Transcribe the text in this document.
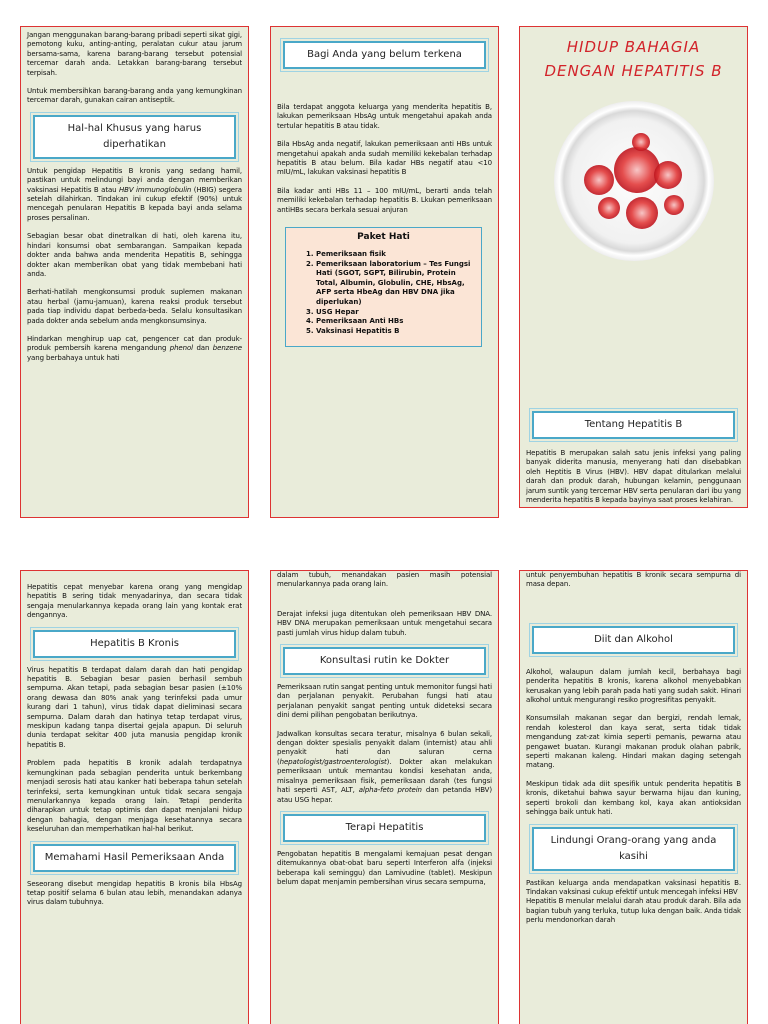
Jangan menggunakan barang-barang pribadi seperti sikat gigi, pemotong kuku, anting-anting, peralatan cukur atau jarum bersama-sama, karena barang-barang tersebut potensial tercemar darah anda. Letakkan barang-barang tersebut terpisah.

Untuk membersihkan barang-barang anda yang kemungkinan tercemar darah, gunakan cairan antiseptik.

Hal-hal Khusus yang harus diperhatikan

Untuk pengidap Hepatitis B kronis yang sedang hamil, pastikan untuk melindungi bayi anda dengan memberikan vaksinasi Hepatitis B atau HBV immunoglobulin (HBIG) segera setelah dilahirkan. Tindakan ini cukup efektif (90%) untuk mencegah penularan Hepatitis B kepada bayi anda selama proses persalinan.

Sebagian besar obat dinetralkan di hati, oleh karena itu, hindari konsumsi obat sembarangan. Sampaikan kepada dokter anda bahwa anda menderita Hepatitis B, sehingga dokter akan memberikan obat yang tidak membebani hati anda.

Berhati-hatilah mengkonsumsi produk suplemen makanan atau herbal (jamu-jamuan), karena reaksi produk tersebut pada tiap individu dapat berbeda-beda. Selalu konsultasikan pada dokter anda sebelum anda mengkonsumsinya.

Hindarkan menghirup uap cat, pengencer cat dan produk-produk pembersih karena mengandung phenol dan benzene yang berbahaya untuk hati

Bagi Anda yang belum terkena

Bila terdapat anggota keluarga yang menderita hepatitis B, lakukan pemeriksaan HbsAg untuk mengetahui apakah anda tertular hepatitis B atau tidak.

Bila HbsAg anda negatif, lakukan pemeriksaan anti HBs untuk mengetahui apakah anda sudah memiliki kekebalan terhadap hepatitis B atau belum. Bila kadar HBs negatif atau <10 mIU/mL, lakukan vaksinasi hepatitis B

Bila kadar anti HBs 11 – 100 mIU/mL, berarti anda telah memiliki kekebalan terhadap hepatitis B. Lkukan pemeriksaan antiHBs secara berkala sesuai anjuran

Paket Hati
1. Pemeriksaan fisik
2. Pemeriksaan laboratorium – Tes Fungsi Hati (SGOT, SGPT, Bilirubin, Protein Total, Albumin, Globulin, CHE, HbsAg, AFP serta HbeAg dan HBV DNA jika diperlukan)
3. USG Hepar
4. Pemeriksaan Anti HBs
5. Vaksinasi Hepatitis B
HIDUP BAHAGIA
DENGAN HEPATITIS B
Tentang Hepatitis B

Hepatitis B merupakan salah satu jenis infeksi yang paling banyak diderita manusia, menyerang hati dan disebabkan oleh Heptitis B Virus (HBV). HBV dapat ditularkan melalui darah dan produk darah, hubungan kelamin, penggunaan jarum suntik yang tercemar HBV serta penularan dari ibu yang menderita hepatitis B kepada bayinya saat proses kelahiran.

Hepatitis cepat menyebar karena orang yang mengidap hepatitis B sering tidak menyadarinya, dan secara tidak sengaja menularkannya kepada orang lain yang kontak erat dengannya.

Hepatitis B Kronis

Virus hepatitis B terdapat dalam darah dan hati pengidap hepatitis B. Sebagian besar pasien berhasil sembuh sempurna. Akan tetapi, pada sebagian besar pasien (±10% orang dewasa dan 80% anak yang terinfeksi pada umur kurang dari 1 tahun), virus tidak dapat dieliminasi secara sempurna. Dalam darah dan hatinya tetap terdapat virus, meskipun kadang tanpa disertai gejala apapun. Di seluruh dunia terdapat sekitar 400 juta manusia pengidap kronik hepatitis B.

Problem pada hepatitis B kronik adalah terdapatnya kemungkinan pada sebagian penderita untuk berkembang menjadi serosis hati atau kanker hati beberapa tahun setelah terinfeksi, serta kemungkinan untuk tidak secara sengaja menularkannya kepada orang lain. Tetapi penderita diharapkan untuk tetap optimis dan dapat menjalani hidup dengan bahagia, dengan menjaga kesehatannya secara keseluruhan dan memperhatikan hal-hal berikut.

Memahami Hasil Pemeriksaan Anda

Seseorang disebut mengidap hepatitis B kronis bila HbsAg tetap positif selama 6 bulan atau lebih, menandakan adanya virus dalam tubuhnya.

dalam tubuh, menandakan pasien masih potensial menularkannya pada orang lain.

Derajat infeksi juga ditentukan oleh pemeriksaan HBV DNA. HBV DNA merupakan pemeriksaan untuk mengetahui secara pasti jumlah virus hidup dalam tubuh.

Konsultasi rutin ke Dokter

Pemeriksaan rutin sangat penting untuk memonitor fungsi hati dan perjalanan penyakit. Perubahan fungsi hati atau perjalanan penyakit sangat penting untuk dideteksi secara dini demi pilihan pengobatan berikutnya.

Jadwalkan konsultas secara teratur, misalnya 6 bulan sekali, dengan dokter spesialis penyakit dalam (internist) atau ahli penyakit hati dan saluran cerna (hepatologist/gastroenterologist). Dokter akan melakukan pemeriksaan untuk memantau kondisi kesehatan anda, misalnya pemeriksaan fisik, pemeriksaan darah (tes fungsi hati seperti AST, ALT, alpha-feto protein dan petanda HBV) atau USG hepar.

Terapi Hepatitis

Pengobatan hepatitis B mengalami kemajuan pesat dengan ditemukannya obat-obat baru seperti Interferon alfa (injeksi beberapa kali seminggu) dan Lamivudine (tablet). Meskipun belum dapat menjamin pembersihan virus secara sempurna,

untuk penyembuhan hepatitis B kronik secara sempurna di masa depan.

Diit dan Alkohol

Alkohol, walaupun dalam jumlah kecil, berbahaya bagi penderita hepatitis B kronis, karena alkohol menyebabkan kerusakan yang lebih parah pada hati yang sudah sakit. Hinari alkohol untuk mengurangi resiko progresifitas penyakit.

Konsumsilah makanan segar dan bergizi, rendah lemak, rendah kolesterol dan kaya serat, serta tidak tidak mengandung zat-zat kimia seperti pemanis, pewarna atau pengawet buatan. Kurangi makanan produk olahan pabrik, seperti makanan kaleng. Hindari makan daging setengah matang.

Meskipun tidak ada diit spesifik untuk penderita hepatitis B kronis, diketahui bahwa sayur berwarna hijau dan kuning, seperti brokoli dan kembang kol, kaya akan antioksidan sehingga baik untuk hati.

Lindungi Orang-orang yang anda kasihi

Pastikan keluarga anda mendapatkan vaksinasi hepatitis B. Tindakan vaksinasi cukup efektif untuk mencegah infeksi HBV

Hepatitis B menular melalui darah atau produk darah. Bila ada bagian tubuh yang terluka, tutup luka dengan baik. Anda tidak perlu mendonorkan darah
